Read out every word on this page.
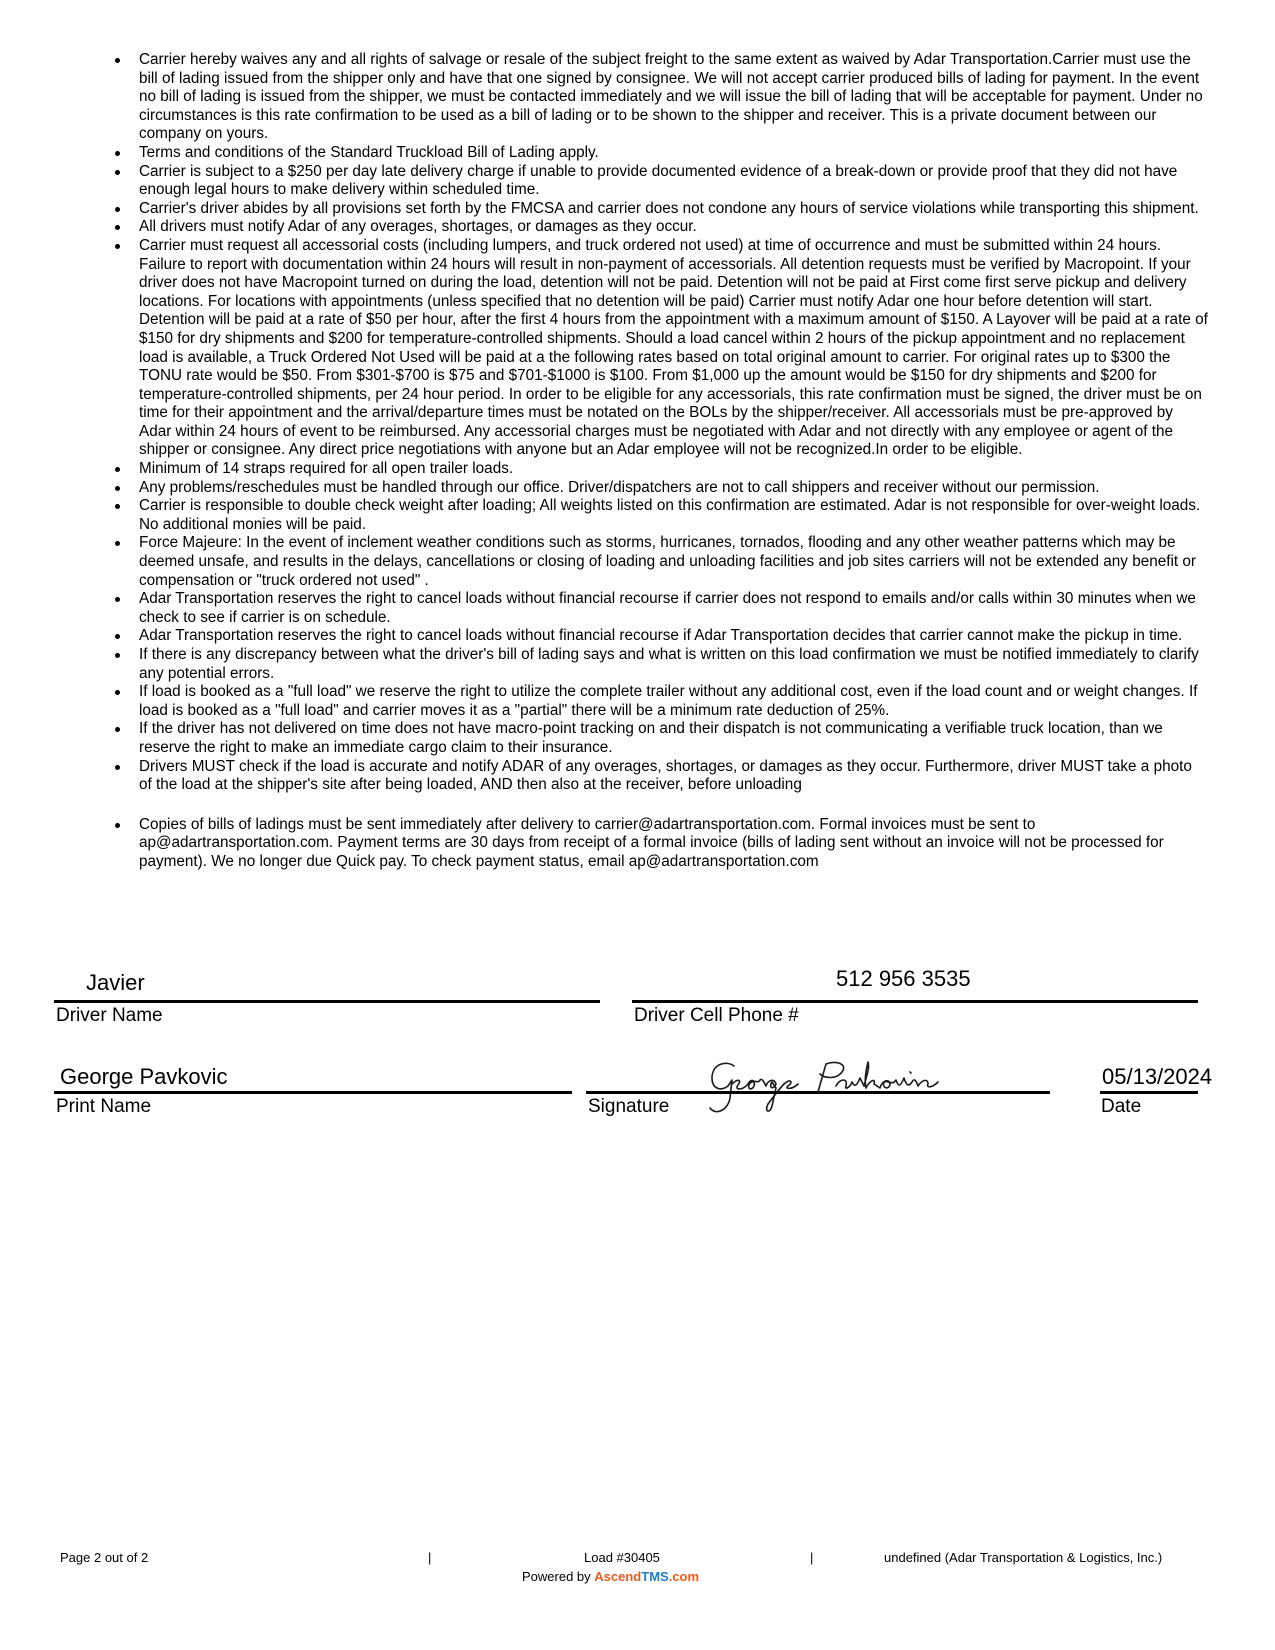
Carrier hereby waives any and all rights of salvage or resale of the subject freight to the same extent as waived by Adar Transportation.Carrier must use the bill of lading issued from the shipper only and have that one signed by consignee. We will not accept carrier produced bills of lading for payment. In the event no bill of lading is issued from the shipper, we must be contacted immediately and we will issue the bill of lading that will be acceptable for payment. Under no circumstances is this rate confirmation to be used as a bill of lading or to be shown to the shipper and receiver. This is a private document between our company on yours.
Terms and conditions of the Standard Truckload Bill of Lading apply.
Carrier is subject to a $250 per day late delivery charge if unable to provide documented evidence of a break-down or provide proof that they did not have enough legal hours to make delivery within scheduled time.
Carrier's driver abides by all provisions set forth by the FMCSA and carrier does not condone any hours of service violations while transporting this shipment.
All drivers must notify Adar of any overages, shortages, or damages as they occur.
Carrier must request all accessorial costs (including lumpers, and truck ordered not used) at time of occurrence and must be submitted within 24 hours. Failure to report with documentation within 24 hours will result in non-payment of accessorials. All detention requests must be verified by Macropoint. If your driver does not have Macropoint turned on during the load, detention will not be paid. Detention will not be paid at First come first serve pickup and delivery locations. For locations with appointments (unless specified that no detention will be paid) Carrier must notify Adar one hour before detention will start. Detention will be paid at a rate of $50 per hour, after the first 4 hours from the appointment with a maximum amount of $150. A Layover will be paid at a rate of $150 for dry shipments and $200 for temperature-controlled shipments. Should a load cancel within 2 hours of the pickup appointment and no replacement load is available, a Truck Ordered Not Used will be paid at a the following rates based on total original amount to carrier. For original rates up to $300 the TONU rate would be $50. From $301-$700 is $75 and $701-$1000 is $100. From $1,000 up the amount would be $150 for dry shipments and $200 for temperature-controlled shipments, per 24 hour period. In order to be eligible for any accessorials, this rate confirmation must be signed, the driver must be on time for their appointment and the arrival/departure times must be notated on the BOLs by the shipper/receiver. All accessorials must be pre-approved by Adar within 24 hours of event to be reimbursed. Any accessorial charges must be negotiated with Adar and not directly with any employee or agent of the shipper or consignee. Any direct price negotiations with anyone but an Adar employee will not be recognized.In order to be eligible.
Minimum of 14 straps required for all open trailer loads.
Any problems/reschedules must be handled through our office. Driver/dispatchers are not to call shippers and receiver without our permission.
Carrier is responsible to double check weight after loading; All weights listed on this confirmation are estimated. Adar is not responsible for over-weight loads. No additional monies will be paid.
Force Majeure: In the event of inclement weather conditions such as storms, hurricanes, tornados, flooding and any other weather patterns which may be deemed unsafe, and results in the delays, cancellations or closing of loading and unloading facilities and job sites carriers will not be extended any benefit or compensation or "truck ordered not used" .
Adar Transportation reserves the right to cancel loads without financial recourse if carrier does not respond to emails and/or calls within 30 minutes when we check to see if carrier is on schedule.
Adar Transportation reserves the right to cancel loads without financial recourse if Adar Transportation decides that carrier cannot make the pickup in time.
If there is any discrepancy between what the driver's bill of lading says and what is written on this load confirmation we must be notified immediately to clarify any potential errors.
If load is booked as a "full load" we reserve the right to utilize the complete trailer without any additional cost, even if the load count and or weight changes. If load is booked as a "full load" and carrier moves it as a "partial" there will be a minimum rate deduction of 25%.
If the driver has not delivered on time does not have macro-point tracking on and their dispatch is not communicating a verifiable truck location, than we reserve the right to make an immediate cargo claim to their insurance.
Drivers MUST check if the load is accurate and notify ADAR of any overages, shortages, or damages as they occur. Furthermore, driver MUST take a photo of the load at the shipper's site after being loaded, AND then also at the receiver, before unloading
Copies of bills of ladings must be sent immediately after delivery to carrier@adartransportation.com. Formal invoices must be sent to ap@adartransportation.com. Payment terms are 30 days from receipt of a formal invoice (bills of lading sent without an invoice will not be processed for payment). We no longer due Quick pay. To check payment status, email ap@adartransportation.com
Javier
Driver Name
512 956 3535
Driver Cell Phone #
George Pavkovic
Print Name	Signature
05/13/2024
Date
Page 2 out of 2	|	Load #30405	|	undefined (Adar Transportation & Logistics, Inc.)
Powered by AscendTMS.com
